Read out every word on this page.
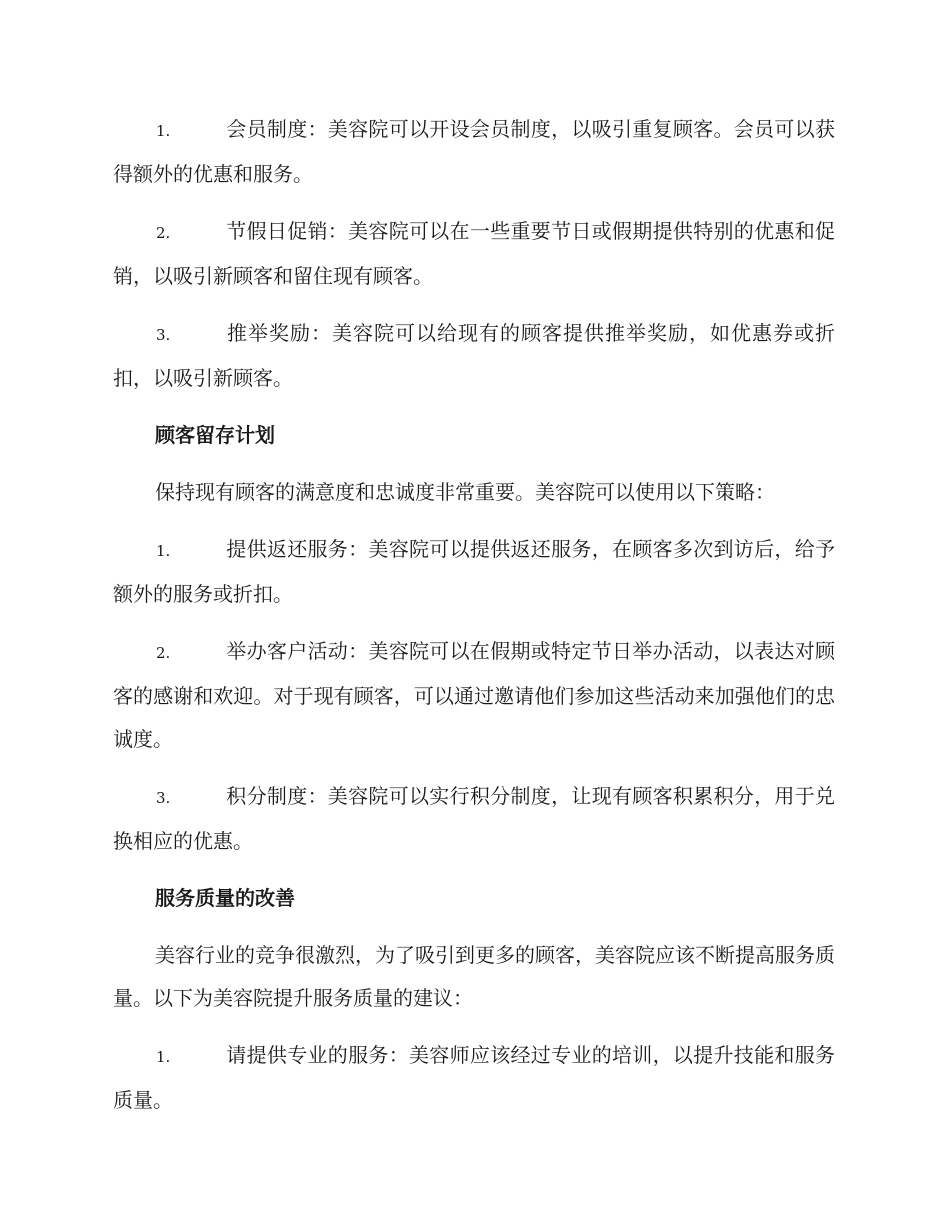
1.	会员制度：美容院可以开设会员制度，以吸引重复顾客。会员可以获得额外的优惠和服务。

2.	节假日促销：美容院可以在一些重要节日或假期提供特别的优惠和促销，以吸引新顾客和留住现有顾客。

3.	推举奖励：美容院可以给现有的顾客提供推举奖励，如优惠券或折扣，以吸引新顾客。

顾客留存计划

保持现有顾客的满意度和忠诚度非常重要。美容院可以使用以下策略：

1.	提供返还服务：美容院可以提供返还服务，在顾客多次到访后，给予额外的服务或折扣。

2.	举办客户活动：美容院可以在假期或特定节日举办活动，以表达对顾客的感谢和欢迎。对于现有顾客，可以通过邀请他们参加这些活动来加强他们的忠诚度。

3.	积分制度：美容院可以实行积分制度，让现有顾客积累积分，用于兑换相应的优惠。

服务质量的改善

美容行业的竞争很激烈，为了吸引到更多的顾客，美容院应该不断提高服务质量。以下为美容院提升服务质量的建议：

1.	请提供专业的服务：美容师应该经过专业的培训，以提升技能和服务质量。
